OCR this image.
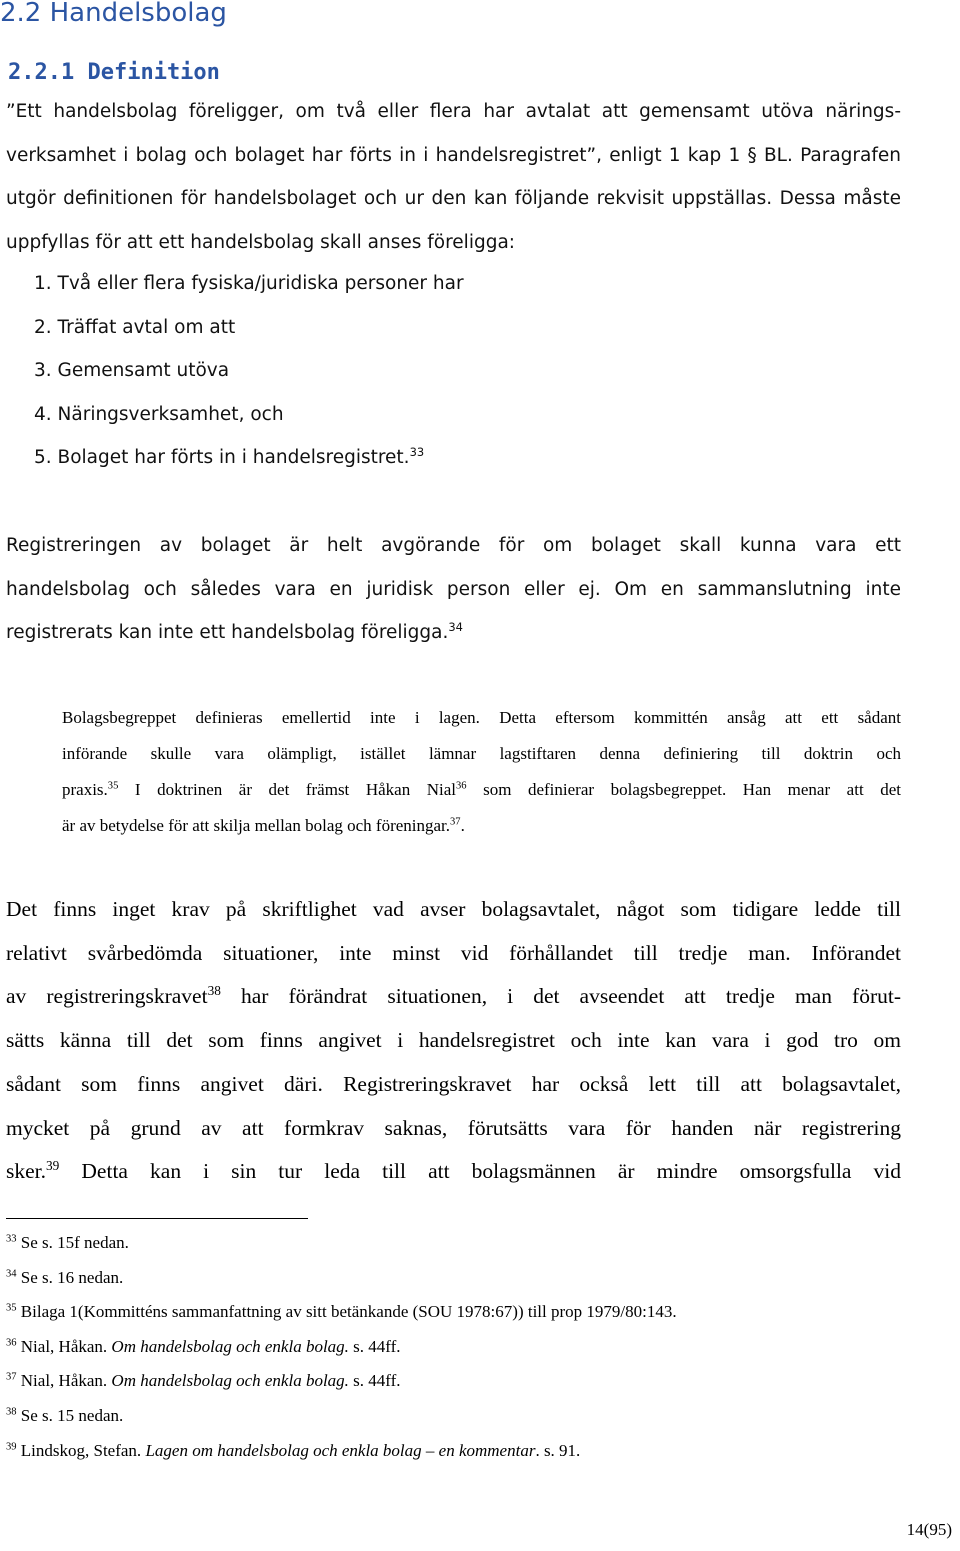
2.2 Handelsbolag
2.2.1 Definition
”Ett handelsbolag föreligger, om två eller flera har avtalat att gemensamt utöva närings-
verksamhet i bolag och bolaget har förts in i handelsregistret”, enligt 1 kap 1 § BL. Paragrafen
utgör definitionen för handelsbolaget och ur den kan följande rekvisit uppställas. Dessa måste
uppfyllas för att ett handelsbolag skall anses föreligga:
1. Två eller flera fysiska/juridiska personer har
2. Träffat avtal om att
3. Gemensamt utöva
4. Näringsverksamhet, och
5. Bolaget har förts in i handelsregistret.$^{33}$
Registreringen av bolaget är helt avgörande för om bolaget skall kunna vara ett
handelsbolag och således vara en juridisk person eller ej. Om en sammanslutning inte
registrerats kan inte ett handelsbolag föreligga.$^{34}$
Bolagsbegreppet definieras emellertid inte i lagen. Detta eftersom kommittén ansåg att ett sådant
införande skulle vara olämpligt, istället lämnar lagstiftaren denna definiering till doktrin och
praxis.$^{35}$ I doktrinen är det främst Håkan Nial$^{36}$ som definierar bolagsbegreppet. Han menar att det
är av betydelse för att skilja mellan bolag och föreningar.$^{37}$.
Det finns inget krav på skriftlighet vad avser bolagsavtalet, något som tidigare ledde till
relativt svårbedömda situationer, inte minst vid förhållandet till tredje man. Införandet
av registreringskravet$^{38}$ har förändrat situationen, i det avseendet att tredje man förut-
sätts känna till det som finns angivet i handelsregistret och inte kan vara i god tro om
sådant som finns angivet däri. Registreringskravet har också lett till att bolagsavtalet,
mycket på grund av att formkrav saknas, förutsätts vara för handen när registrering
sker.$^{39}$ Detta kan i sin tur leda till att bolagsmännen är mindre omsorgsfulla vid
$^{33}$ Se s. 15f nedan.
$^{34}$ Se s. 16 nedan.
$^{35}$ Bilaga 1(Kommitténs sammanfattning av sitt betänkande (SOU 1978:67)) till prop 1979/80:143.
$^{36}$ Nial, Håkan. Om handelsbolag och enkla bolag. s. 44ff.
$^{37}$ Nial, Håkan. Om handelsbolag och enkla bolag. s. 44ff.
$^{38}$ Se s. 15 nedan.
$^{39}$ Lindskog, Stefan. Lagen om handelsbolag och enkla bolag – en kommentar. s. 91.
14(95)
